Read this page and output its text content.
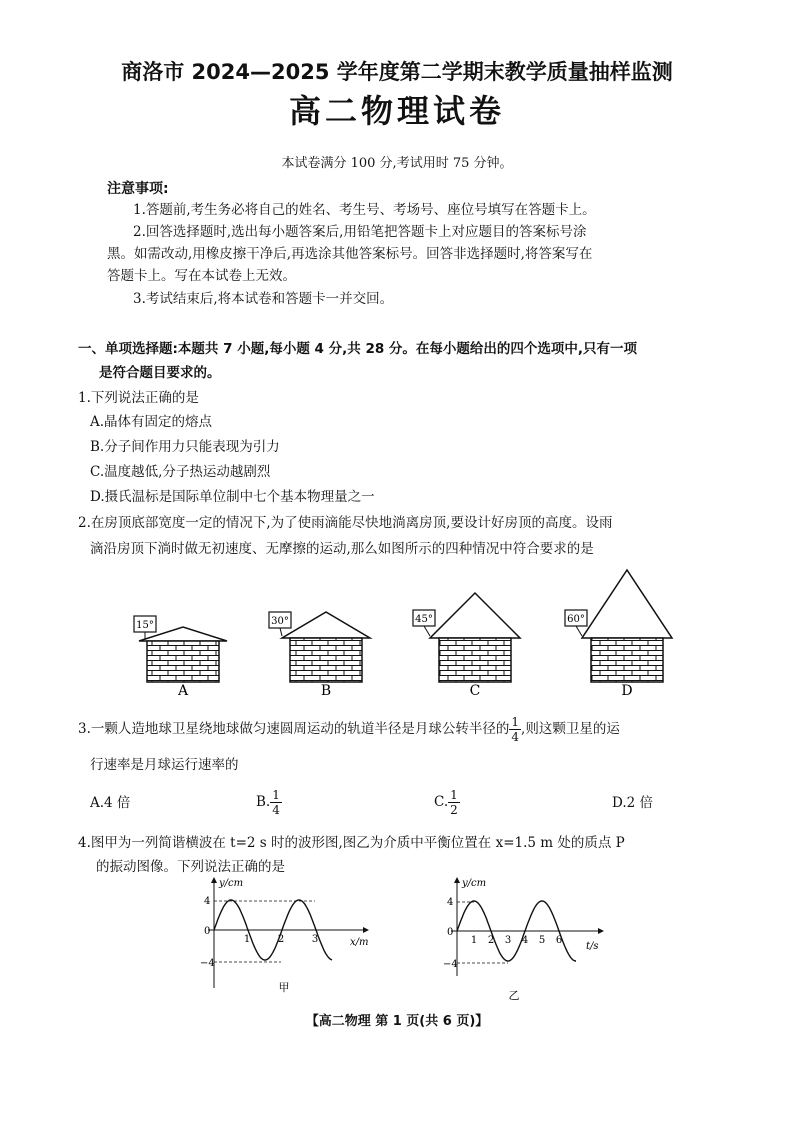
商洛市 2024—2025 学年度第二学期末教学质量抽样监测
高二物理试卷
本试卷满分 100 分,考试用时 75 分钟。
注意事项:
1.答题前,考生务必将自己的姓名、考生号、考场号、座位号填写在答题卡上。
2.回答选择题时,选出每小题答案后,用铅笔把答题卡上对应题目的答案标号涂
黑。如需改动,用橡皮擦干净后,再选涂其他答案标号。回答非选择题时,将答案写在
答题卡上。写在本试卷上无效。
3.考试结束后,将本试卷和答题卡一并交回。
一、单项选择题:本题共 7 小题,每小题 4 分,共 28 分。在每小题给出的四个选项中,只有一项
是符合题目要求的。
1.下列说法正确的是
A.晶体有固定的熔点
B.分子间作用力只能表现为引力
C.温度越低,分子热运动越剧烈
D.摄氏温标是国际单位制中七个基本物理量之一
2.在房顶底部宽度一定的情况下,为了使雨滴能尽快地淌离房顶,要设计好房顶的高度。设雨
滴沿房顶下淌时做无初速度、无摩擦的运动,那么如图所示的四种情况中符合要求的是
15°
A
30°
B
45°
C
60°
D
3.一颗人造地球卫星绕地球做匀速圆周运动的轨道半径是月球公转半径的 $\frac{1}{4}$ ,则这颗卫星的运
行速率是月球运行速率的
A.4 倍	B. $\frac{1}{4}$	C. $\frac{1}{2}$	D.2 倍
4.图甲为一列简谐横波在 t=2 s 时的波形图,图乙为介质中平衡位置在 x=1.5 m 处的质点 P
的振动图像。下列说法正确的是
y/cm
x/m
4
−4
0
1	2	3
甲
y/cm
t/s
4
−4
0
1 2 3 4 5 6
乙
【高二物理 第 1 页(共 6 页)】
